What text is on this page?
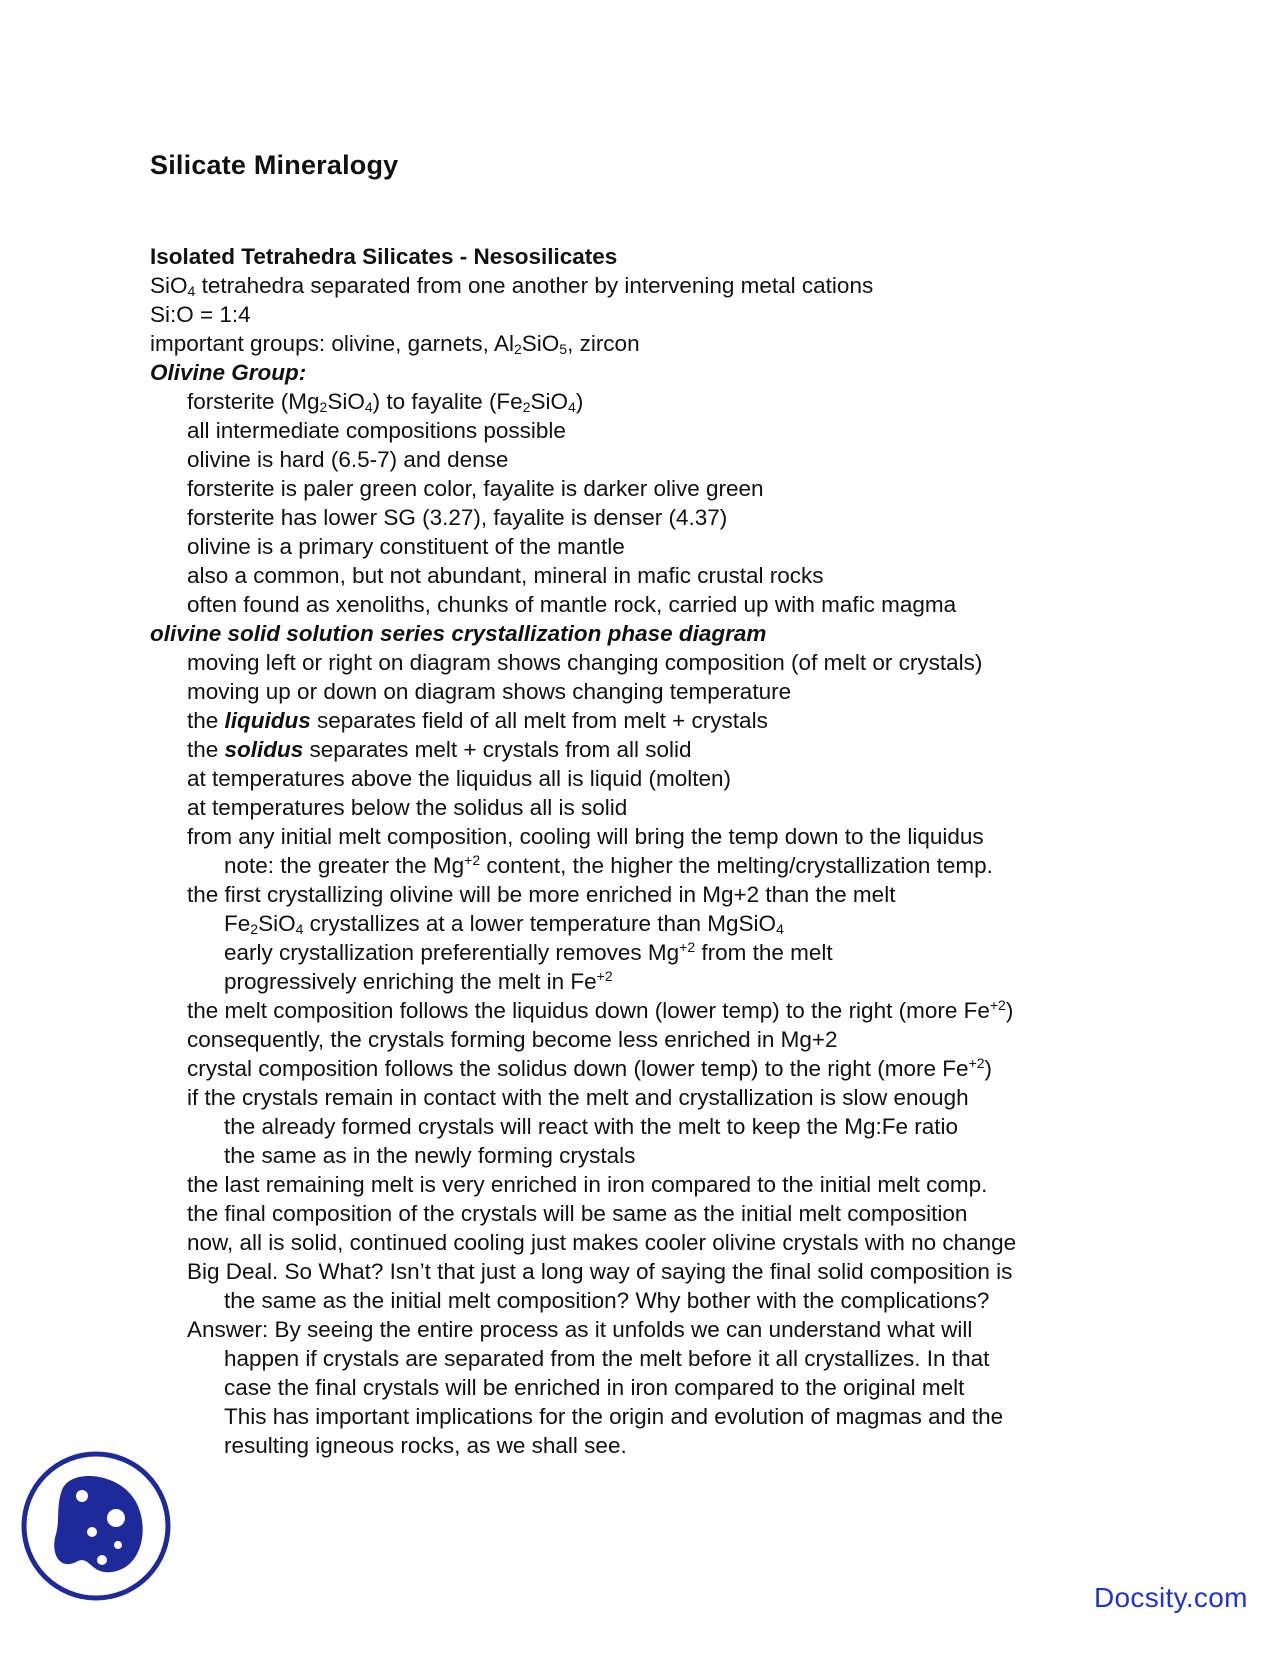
Silicate Mineralogy
Isolated Tetrahedra Silicates - Nesosilicates
SiO$_4$ tetrahedra separated from one another by intervening metal cations
Si:O = 1:4
important groups: olivine, garnets, $Al_2SiO_5$, zircon
Olivine Group:
forsterite $(Mg_2SiO_4)$ to fayalite $(Fe_2SiO_4)$
all intermediate compositions possible
olivine is hard (6.5-7) and dense
forsterite is paler green color, fayalite is darker olive green
forsterite has lower SG (3.27), fayalite is denser (4.37)
olivine is a primary constituent of the mantle
also a common, but not abundant, mineral in mafic crustal rocks
often found as xenoliths, chunks of mantle rock, carried up with mafic magma
olivine solid solution series crystallization phase diagram
moving left or right on diagram shows changing composition (of melt or crystals)
moving up or down on diagram shows changing temperature
the liquidus separates field of all melt from melt + crystals
the solidus separates melt + crystals from all solid
at temperatures above the liquidus all is liquid (molten)
at temperatures below the solidus all is solid
from any initial melt composition, cooling will bring the temp down to the liquidus
note: the greater the $Mg^{+2}$ content, the higher the melting/crystallization temp.
the first crystallizing olivine will be more enriched in Mg+2 than the melt
$Fe_2SiO_4$ crystallizes at a lower temperature than MgSiO$_4$
early crystallization preferentially removes $Mg^{+2}$ from the melt
progressively enriching the melt in $Fe^{+2}$
the melt composition follows the liquidus down (lower temp) to the right (more $Fe^{+2}$)
consequently, the crystals forming become less enriched in Mg+2
crystal composition follows the solidus down (lower temp) to the right (more $Fe^{+2}$)
if the crystals remain in contact with the melt and crystallization is slow enough
the already formed crystals will react with the melt to keep the Mg:Fe ratio
the same as in the newly forming crystals
the last remaining melt is very enriched in iron compared to the initial melt comp.
the final composition of the crystals will be same as the initial melt composition
now, all is solid, continued cooling just makes cooler olivine crystals with no change
Big Deal. So What? Isn’t that just a long way of saying the final solid composition is
the same as the initial melt composition? Why bother with the complications?
Answer: By seeing the entire process as it unfolds we can understand what will
happen if crystals are separated from the melt before it all crystallizes. In that
case the final crystals will be enriched in iron compared to the original melt
This has important implications for the origin and evolution of magmas and the
resulting igneous rocks, as we shall see.
Docsity.com
